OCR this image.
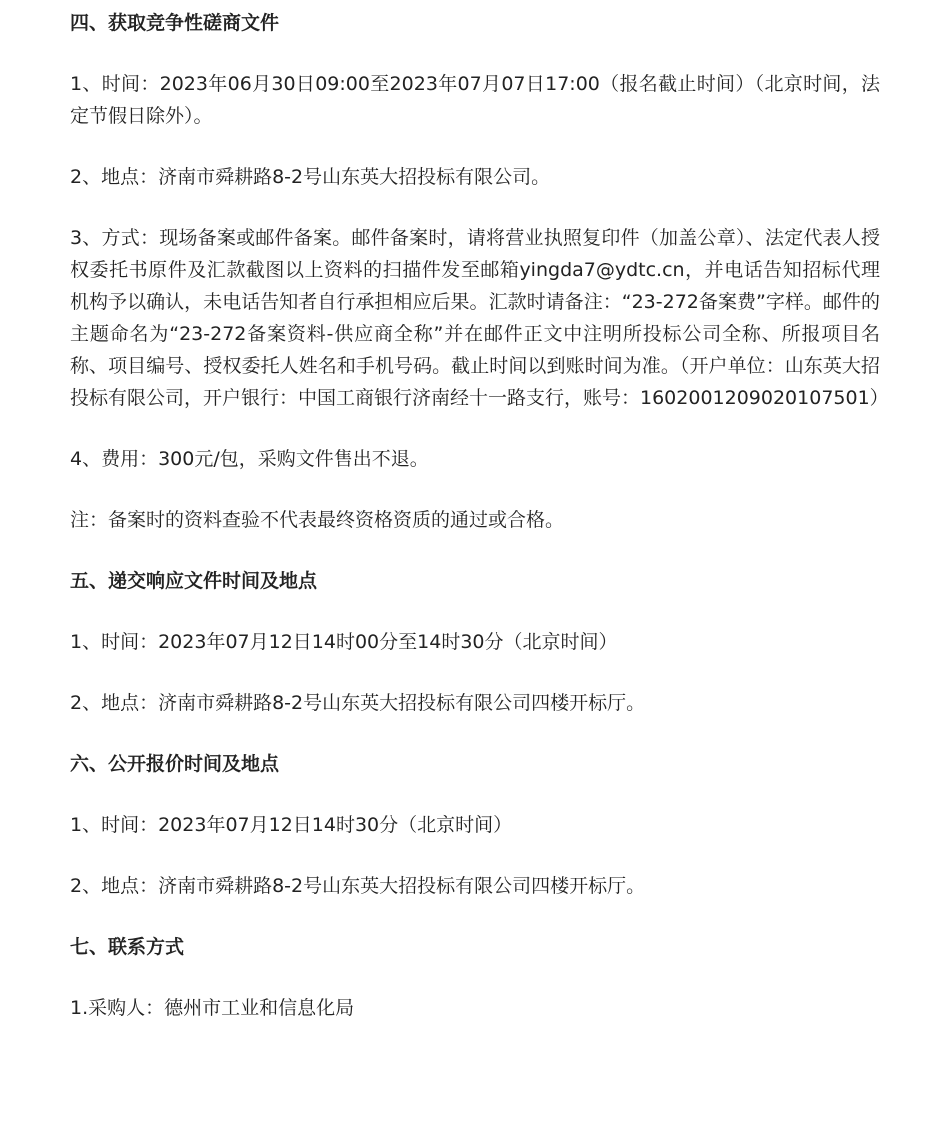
四、获取竞争性磋商文件

1、时间：2023年06月30日09:00至2023年07月07日17:00（报名截止时间）（北京时间，法定节假日除外）。

2、地点：济南市舜耕路8-2号山东英大招投标有限公司。

3、方式：现场备案或邮件备案。邮件备案时，请将营业执照复印件（加盖公章）、法定代表人授权委托书原件及汇款截图以上资料的扫描件发至邮箱yingda7@ydtc.cn，并电话告知招标代理机构予以确认，未电话告知者自行承担相应后果。汇款时请备注：“23-272备案费”字样。邮件的主题命名为“23-272备案资料-供应商全称”并在邮件正文中注明所投标公司全称、所报项目名称、项目编号、授权委托人姓名和手机号码。截止时间以到账时间为准。（开户单位：山东英大招投标有限公司，开户银行：中国工商银行济南经十一路支行，账号：1602001209020107501）

4、费用：300元/包，采购文件售出不退。

注：备案时的资料查验不代表最终资格资质的通过或合格。

五、递交响应文件时间及地点

1、时间：2023年07月12日14时00分至14时30分（北京时间）

2、地点：济南市舜耕路8-2号山东英大招投标有限公司四楼开标厅。

六、公开报价时间及地点

1、时间：2023年07月12日14时30分（北京时间）

2、地点：济南市舜耕路8-2号山东英大招投标有限公司四楼开标厅。

七、联系方式

1.采购人：德州市工业和信息化局
